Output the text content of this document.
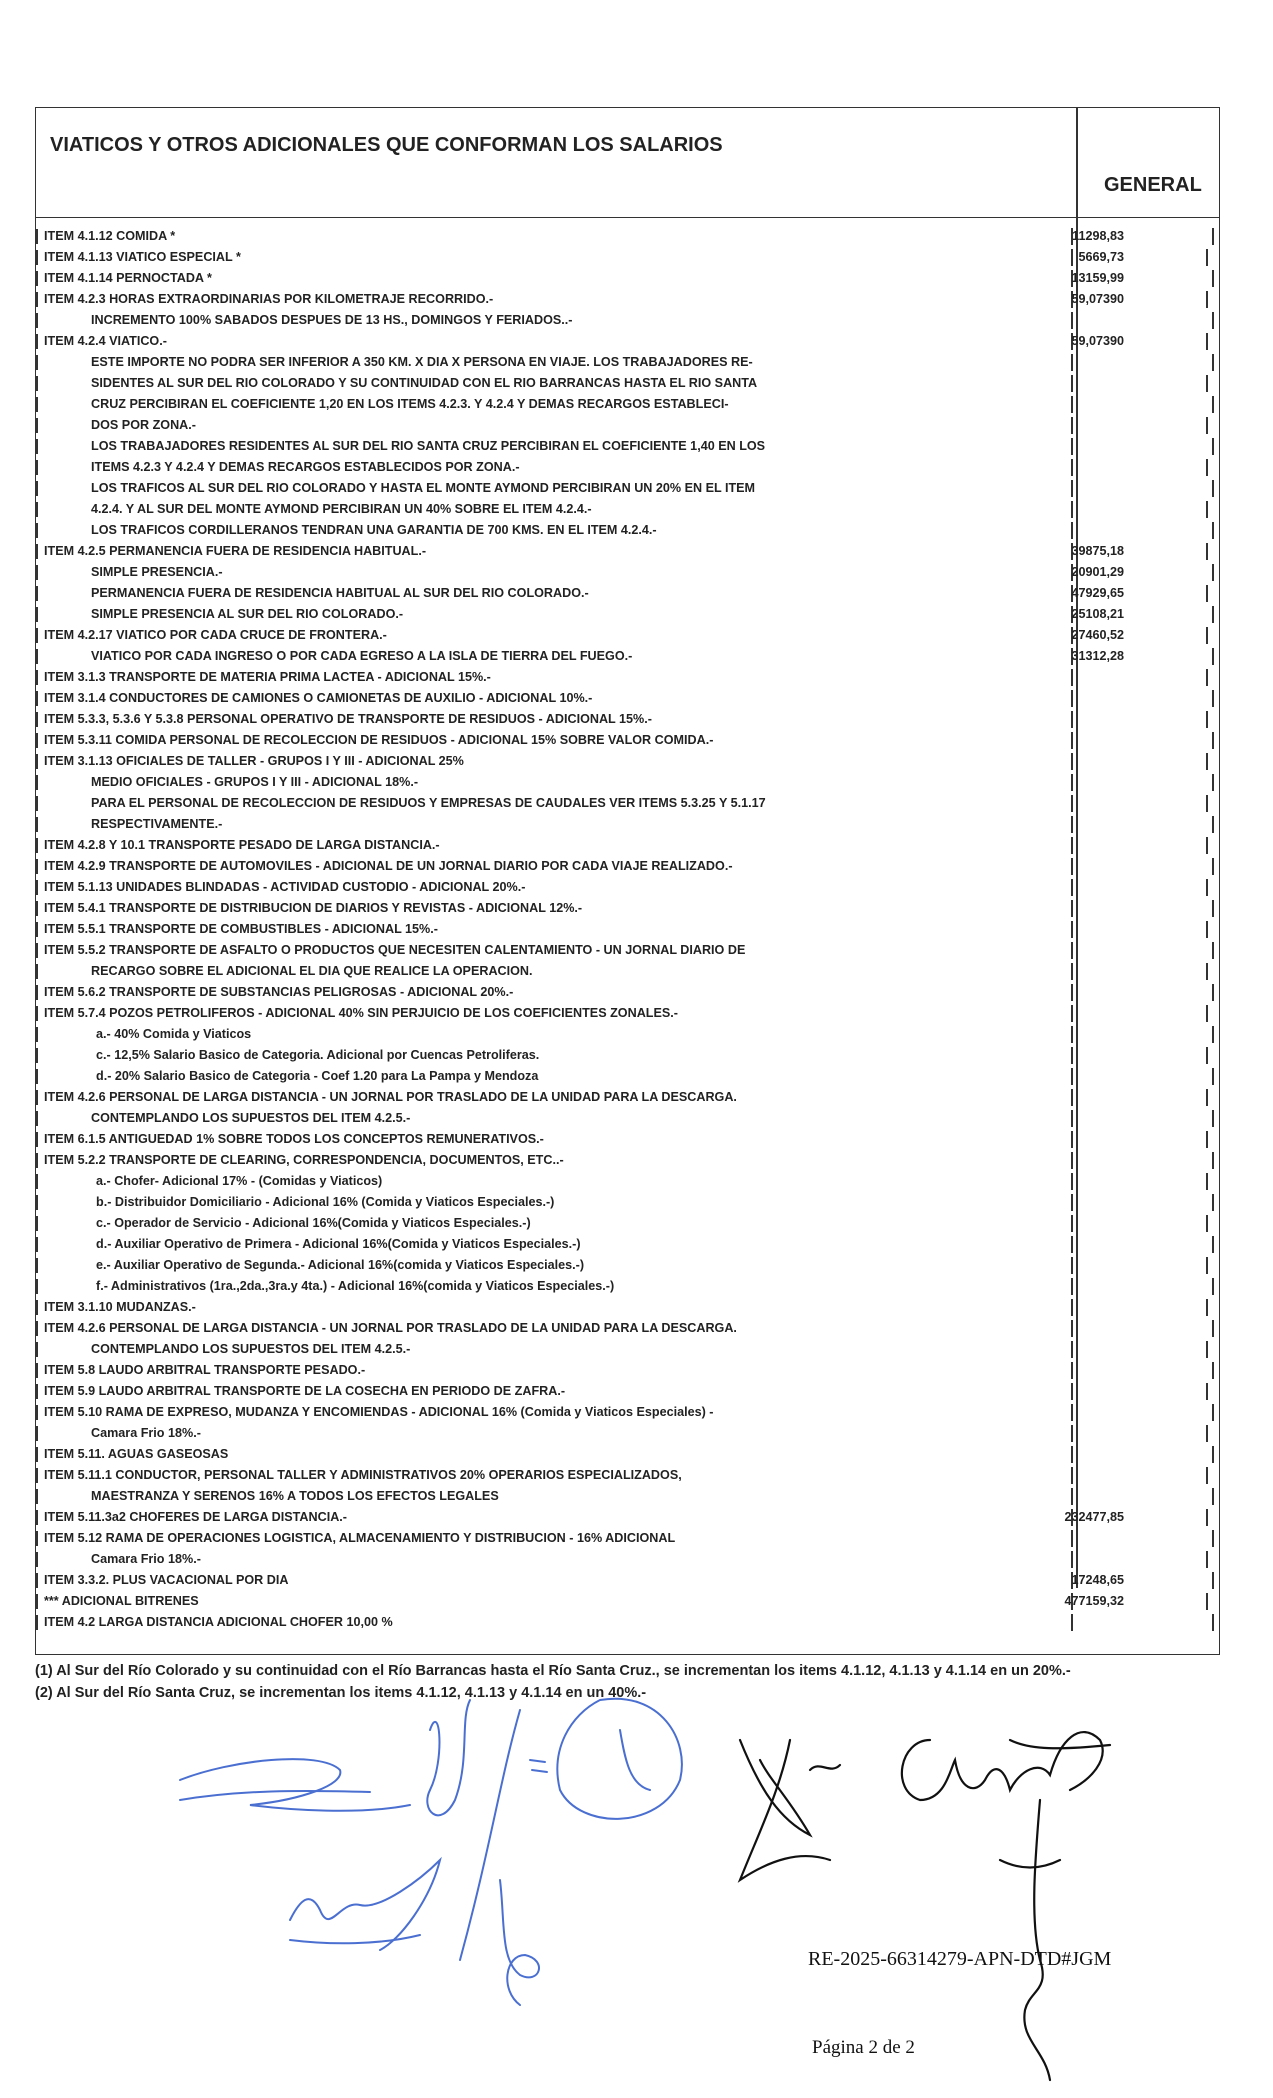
VIATICOS Y OTROS ADICIONALES QUE CONFORMAN LOS SALARIOS
GENERAL
ITEM 4.1.12 COMIDA *	11298,83
ITEM 4.1.13 VIATICO ESPECIAL *	5669,73
ITEM 4.1.14 PERNOCTADA *	13159,99
ITEM 4.2.3 HORAS EXTRAORDINARIAS POR KILOMETRAJE RECORRIDO.-	59,07390
INCREMENTO 100% SABADOS DESPUES DE 13 HS., DOMINGOS Y FERIADOS..-
ITEM 4.2.4 VIATICO.-	59,07390
ESTE IMPORTE NO PODRA SER INFERIOR A 350 KM. X DIA X PERSONA EN VIAJE. LOS TRABAJADORES RE-
SIDENTES AL SUR DEL RIO COLORADO Y SU CONTINUIDAD CON EL RIO BARRANCAS HASTA EL RIO SANTA
CRUZ PERCIBIRAN EL COEFICIENTE 1,20 EN LOS ITEMS 4.2.3. Y 4.2.4 Y DEMAS RECARGOS ESTABLECI-
DOS POR ZONA.-
LOS TRABAJADORES RESIDENTES AL SUR DEL RIO SANTA CRUZ PERCIBIRAN EL COEFICIENTE 1,40 EN LOS
ITEMS 4.2.3 Y 4.2.4 Y DEMAS RECARGOS ESTABLECIDOS POR ZONA.-
LOS TRAFICOS AL SUR DEL RIO COLORADO Y HASTA EL MONTE AYMOND PERCIBIRAN UN 20% EN EL ITEM
4.2.4. Y AL SUR DEL MONTE AYMOND PERCIBIRAN UN 40% SOBRE EL ITEM 4.2.4.-
LOS TRAFICOS CORDILLERANOS TENDRAN UNA GARANTIA DE 700 KMS. EN EL ITEM 4.2.4.-
ITEM 4.2.5 PERMANENCIA FUERA DE RESIDENCIA HABITUAL.-	39875,18
SIMPLE PRESENCIA.-	20901,29
PERMANENCIA FUERA DE RESIDENCIA HABITUAL AL SUR DEL RIO COLORADO.-	47929,65
SIMPLE PRESENCIA AL SUR DEL RIO COLORADO.-	25108,21
ITEM 4.2.17 VIATICO POR CADA CRUCE DE FRONTERA.-	27460,52
VIATICO POR CADA INGRESO O POR CADA EGRESO A LA ISLA DE TIERRA DEL FUEGO.-	31312,28
ITEM 3.1.3 TRANSPORTE DE MATERIA PRIMA LACTEA - ADICIONAL 15%.-
ITEM 3.1.4 CONDUCTORES DE CAMIONES O CAMIONETAS DE AUXILIO - ADICIONAL 10%.-
ITEM 5.3.3, 5.3.6 Y 5.3.8 PERSONAL OPERATIVO DE TRANSPORTE DE RESIDUOS - ADICIONAL 15%.-
ITEM 5.3.11 COMIDA PERSONAL DE RECOLECCION DE RESIDUOS - ADICIONAL 15% SOBRE VALOR COMIDA.-
ITEM 3.1.13 OFICIALES DE TALLER - GRUPOS I Y III - ADICIONAL 25%
MEDIO OFICIALES - GRUPOS I Y III - ADICIONAL 18%.-
PARA EL PERSONAL DE RECOLECCION DE RESIDUOS Y EMPRESAS DE CAUDALES VER ITEMS 5.3.25 Y 5.1.17
RESPECTIVAMENTE.-
ITEM 4.2.8 Y 10.1 TRANSPORTE PESADO DE LARGA DISTANCIA.-
ITEM 4.2.9 TRANSPORTE DE AUTOMOVILES - ADICIONAL DE UN JORNAL DIARIO POR CADA VIAJE REALIZADO.-
ITEM 5.1.13 UNIDADES BLINDADAS - ACTIVIDAD CUSTODIO - ADICIONAL 20%.-
ITEM 5.4.1 TRANSPORTE DE DISTRIBUCION DE DIARIOS Y REVISTAS - ADICIONAL 12%.-
ITEM 5.5.1 TRANSPORTE DE COMBUSTIBLES - ADICIONAL 15%.-
ITEM 5.5.2 TRANSPORTE DE ASFALTO O PRODUCTOS QUE NECESITEN CALENTAMIENTO - UN JORNAL DIARIO DE
RECARGO SOBRE EL ADICIONAL EL DIA QUE REALICE LA OPERACION.
ITEM 5.6.2 TRANSPORTE DE SUBSTANCIAS PELIGROSAS - ADICIONAL 20%.-
ITEM 5.7.4 POZOS PETROLIFEROS - ADICIONAL 40% SIN PERJUICIO DE LOS COEFICIENTES ZONALES.-
a.- 40% Comida y Viaticos
c.- 12,5% Salario Basico de Categoria. Adicional por Cuencas Petroliferas.
d.- 20% Salario Basico de Categoria - Coef 1.20 para La Pampa y Mendoza
ITEM 4.2.6 PERSONAL DE LARGA DISTANCIA - UN JORNAL POR TRASLADO DE LA UNIDAD PARA LA DESCARGA.
CONTEMPLANDO LOS SUPUESTOS DEL ITEM 4.2.5.-
ITEM 6.1.5 ANTIGUEDAD 1% SOBRE TODOS LOS CONCEPTOS REMUNERATIVOS.-
ITEM 5.2.2 TRANSPORTE DE CLEARING, CORRESPONDENCIA, DOCUMENTOS, ETC..-
a.- Chofer- Adicional 17% - (Comidas y Viaticos)
b.- Distribuidor Domiciliario - Adicional 16% (Comida y Viaticos Especiales.-)
c.- Operador de Servicio - Adicional 16%(Comida y Viaticos Especiales.-)
d.- Auxiliar Operativo de Primera - Adicional 16%(Comida y Viaticos Especiales.-)
e.- Auxiliar Operativo de Segunda.- Adicional 16%(comida y Viaticos Especiales.-)
f.- Administrativos (1ra.,2da.,3ra.y 4ta.) - Adicional 16%(comida y Viaticos Especiales.-)
ITEM 3.1.10 MUDANZAS.-
ITEM 4.2.6 PERSONAL DE LARGA DISTANCIA - UN JORNAL POR TRASLADO DE LA UNIDAD PARA LA DESCARGA.
CONTEMPLANDO LOS SUPUESTOS DEL ITEM 4.2.5.-
ITEM 5.8 LAUDO ARBITRAL TRANSPORTE PESADO.-
ITEM 5.9 LAUDO ARBITRAL TRANSPORTE DE LA COSECHA EN PERIODO DE ZAFRA.-
ITEM 5.10 RAMA DE EXPRESO, MUDANZA Y ENCOMIENDAS - ADICIONAL 16% (Comida y Viaticos Especiales) -
Camara Frio 18%.-
ITEM 5.11. AGUAS GASEOSAS
ITEM 5.11.1 CONDUCTOR, PERSONAL TALLER Y ADMINISTRATIVOS 20% OPERARIOS ESPECIALIZADOS,
MAESTRANZA Y SERENOS 16% A TODOS LOS EFECTOS LEGALES
ITEM 5.11.3a2 CHOFERES DE LARGA DISTANCIA.-	232477,85
ITEM 5.12 RAMA DE OPERACIONES LOGISTICA, ALMACENAMIENTO Y DISTRIBUCION - 16% ADICIONAL
Camara Frio 18%.-
ITEM 3.3.2. PLUS VACACIONAL POR DIA	17248,65
*** ADICIONAL BITRENES	477159,32
ITEM 4.2 LARGA DISTANCIA ADICIONAL CHOFER 10,00 %
(1) Al Sur del Río Colorado y su continuidad con el Río Barrancas hasta el Río Santa Cruz., se incrementan los items 4.1.12, 4.1.13 y 4.1.14 en un 20%.-
(2) Al Sur del Río Santa Cruz, se incrementan los items 4.1.12, 4.1.13 y 4.1.14 en un 40%.-
RE-2025-66314279-APN-DTD#JGM
Página 2 de 2
